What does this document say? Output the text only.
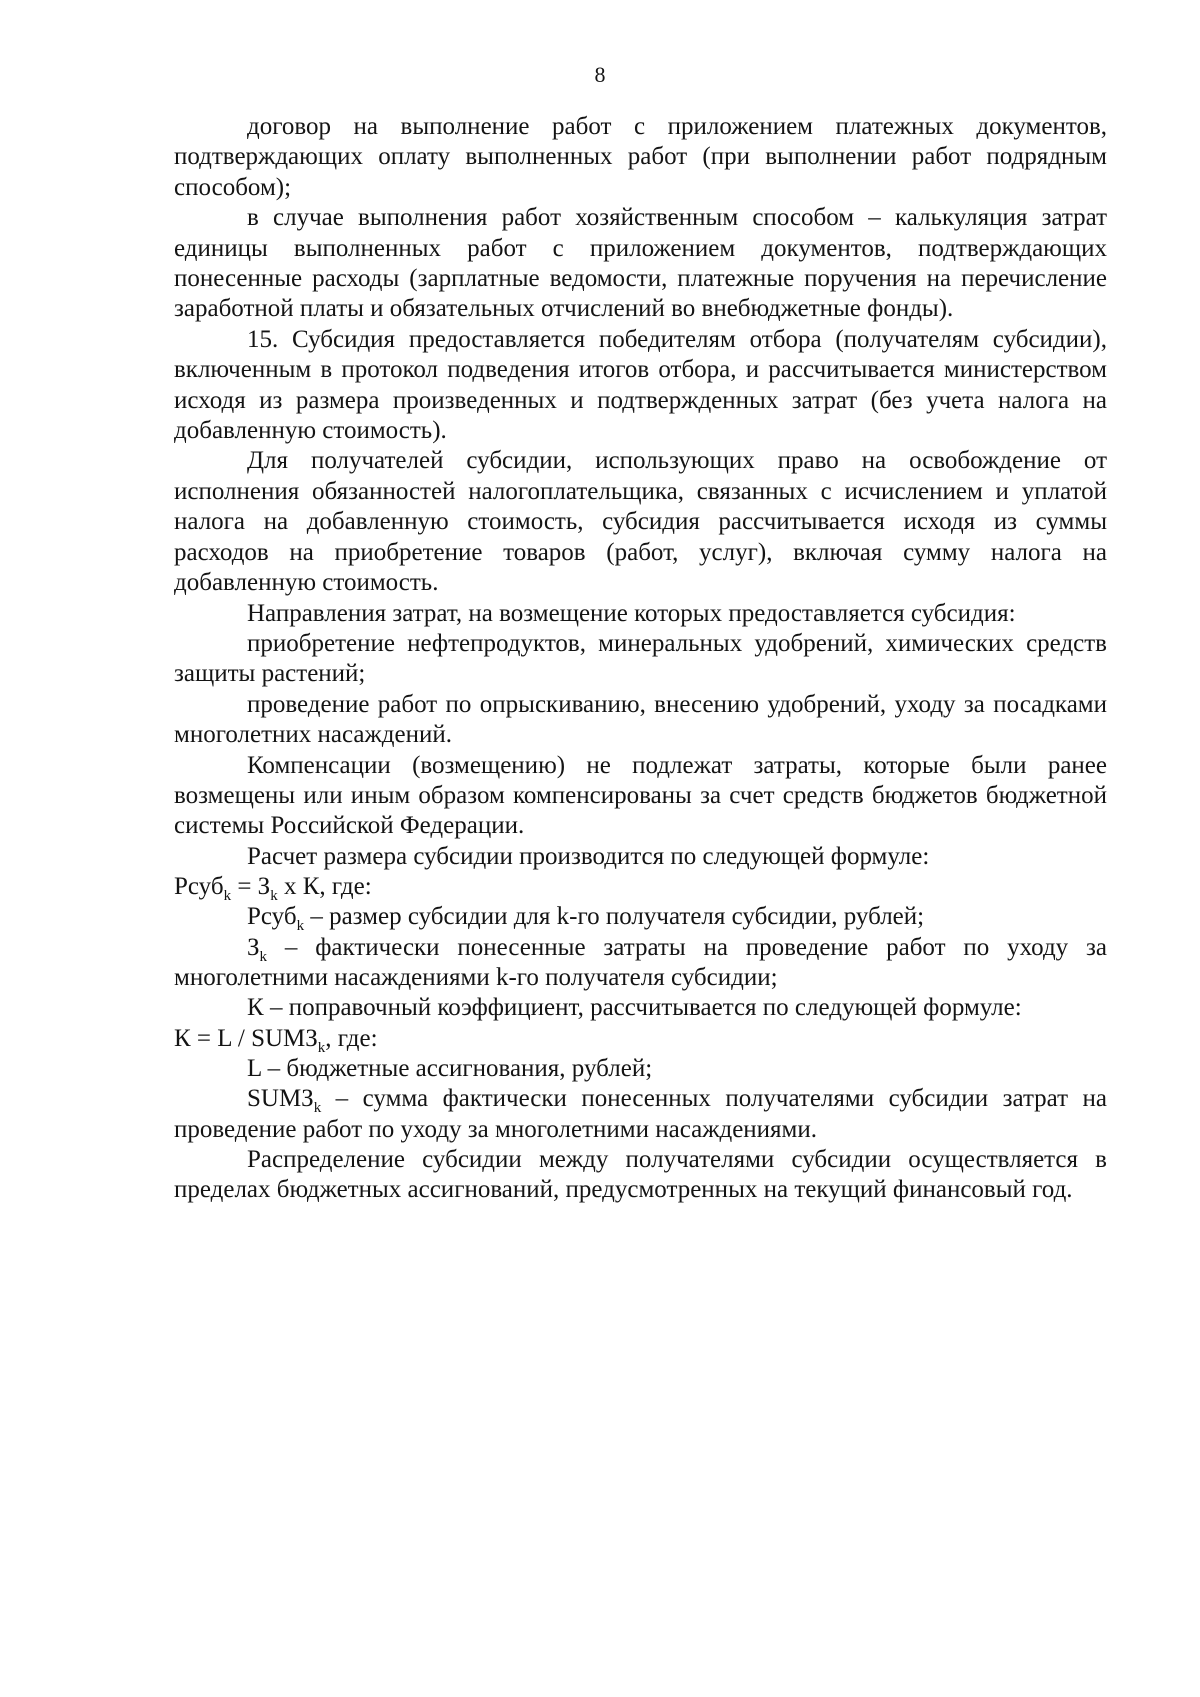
8

договор на выполнение работ с приложением платежных документов, подтверждающих оплату выполненных работ (при выполнении работ подрядным способом);

в случае выполнения работ хозяйственным способом – калькуляция затрат единицы выполненных работ с приложением документов, подтверждающих понесенные расходы (зарплатные ведомости, платежные поручения на перечисление заработной платы и обязательных отчислений во внебюджетные фонды).

15. Субсидия предоставляется победителям отбора (получателям субсидии), включенным в протокол подведения итогов отбора, и рассчитывается министерством исходя из размера произведенных и подтвержденных затрат (без учета налога на добавленную стоимость).

Для получателей субсидии, использующих право на освобождение от исполнения обязанностей налогоплательщика, связанных с исчислением и уплатой налога на добавленную стоимость, субсидия рассчитывается исходя из суммы расходов на приобретение товаров (работ, услуг), включая сумму налога на добавленную стоимость.

Направления затрат, на возмещение которых предоставляется субсидия:

приобретение нефтепродуктов, минеральных удобрений, химических средств защиты растений;

проведение работ по опрыскиванию, внесению удобрений, уходу за посадками многолетних насаждений.

Компенсации (возмещению) не подлежат затраты, которые были ранее возмещены или иным образом компенсированы за счет средств бюджетов бюджетной системы Российской Федерации.

Расчет размера субсидии производится по следующей формуле:

Рсуб$_k$ = $З_k$ x К, где:

Рсуб$_k$ – размер субсидии для k-го получателя субсидии, рублей;

$З_k$ – фактически понесенные затраты на проведение работ по уходу за многолетними насаждениями k-го получателя субсидии;

К – поправочный коэффициент, рассчитывается по следующей формуле:

$К = L / SUMЗ_k$, где:

L – бюджетные ассигнования, рублей;

$SUMЗ_k$ – сумма фактически понесенных получателями субсидии затрат на проведение работ по уходу за многолетними насаждениями.

Распределение субсидии между получателями субсидии осуществляется в пределах бюджетных ассигнований, предусмотренных на текущий финансовый год.
